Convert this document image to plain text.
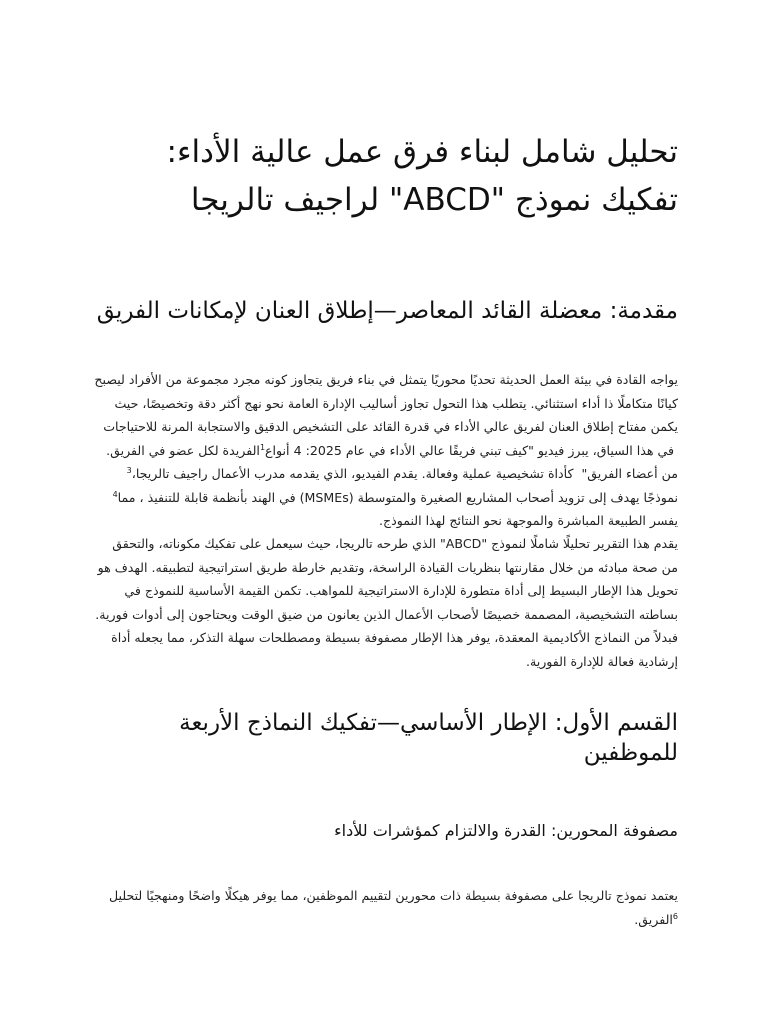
تحليل شامل لبناء فرق عمل عالية الأداء: تفكيك نموذج "ABCD" لراجيف تالريجا
مقدمة: معضلة القائد المعاصر—إطلاق العنان لإمكانات الفريق

يواجه القادة في بيئة العمل الحديثة تحديًا محوريًا يتمثل في بناء فريق يتجاوز كونه مجرد مجموعة من الأفراد ليصبح كيانًا متكاملًا ذا أداء استثنائي. يتطلب هذا التحول تجاوز أساليب الإدارة العامة نحو نهج أكثر دقة وتخصيصًا، حيث يكمن مفتاح إطلاق العنان لفريق عالي الأداء في قدرة القائد على التشخيص الدقيق والاستجابة المرنة للاحتياجات الفريدة لكل عضو في الفريق.$^1$ في هذا السياق، يبرز فيديو "كيف تبني فريقًا عالي الأداء في عام 2025: 4 أنواع من أعضاء الفريق" $^3$ كأداة تشخيصية عملية وفعالة. يقدم الفيديو، الذي يقدمه مدرب الأعمال راجيف تالريجا، نموذجًا يهدف إلى تزويد أصحاب المشاريع الصغيرة والمتوسطة (MSMEs) في الهند بأنظمة قابلة للتنفيذ $^4$، مما يفسر الطبيعة المباشرة والموجهة نحو النتائج لهذا النموذج.

يقدم هذا التقرير تحليلًا شاملًا لنموذج "ABCD" الذي طرحه تالريجا، حيث سيعمل على تفكيك مكوناته، والتحقق من صحة مبادئه من خلال مقارنتها بنظريات القيادة الراسخة، وتقديم خارطة طريق استراتيجية لتطبيقه. الهدف هو تحويل هذا الإطار البسيط إلى أداة متطورة للإدارة الاستراتيجية للمواهب. تكمن القيمة الأساسية للنموذج في بساطته التشخيصية، المصممة خصيصًا لأصحاب الأعمال الذين يعانون من ضيق الوقت ويحتاجون إلى أدوات فورية. فبدلاً من النماذج الأكاديمية المعقدة، يوفر هذا الإطار مصفوفة بسيطة ومصطلحات سهلة التذكر، مما يجعله أداة إرشادية فعالة للإدارة الفورية.

القسم الأول: الإطار الأساسي—تفكيك النماذج الأربعة للموظفين
مصفوفة المحورين: القدرة والالتزام كمؤشرات للأداء

يعتمد نموذج تالريجا على مصفوفة بسيطة ذات محورين لتقييم الموظفين، مما يوفر هيكلًا واضحًا ومنهجيًا لتحليل الفريق.$^6$
